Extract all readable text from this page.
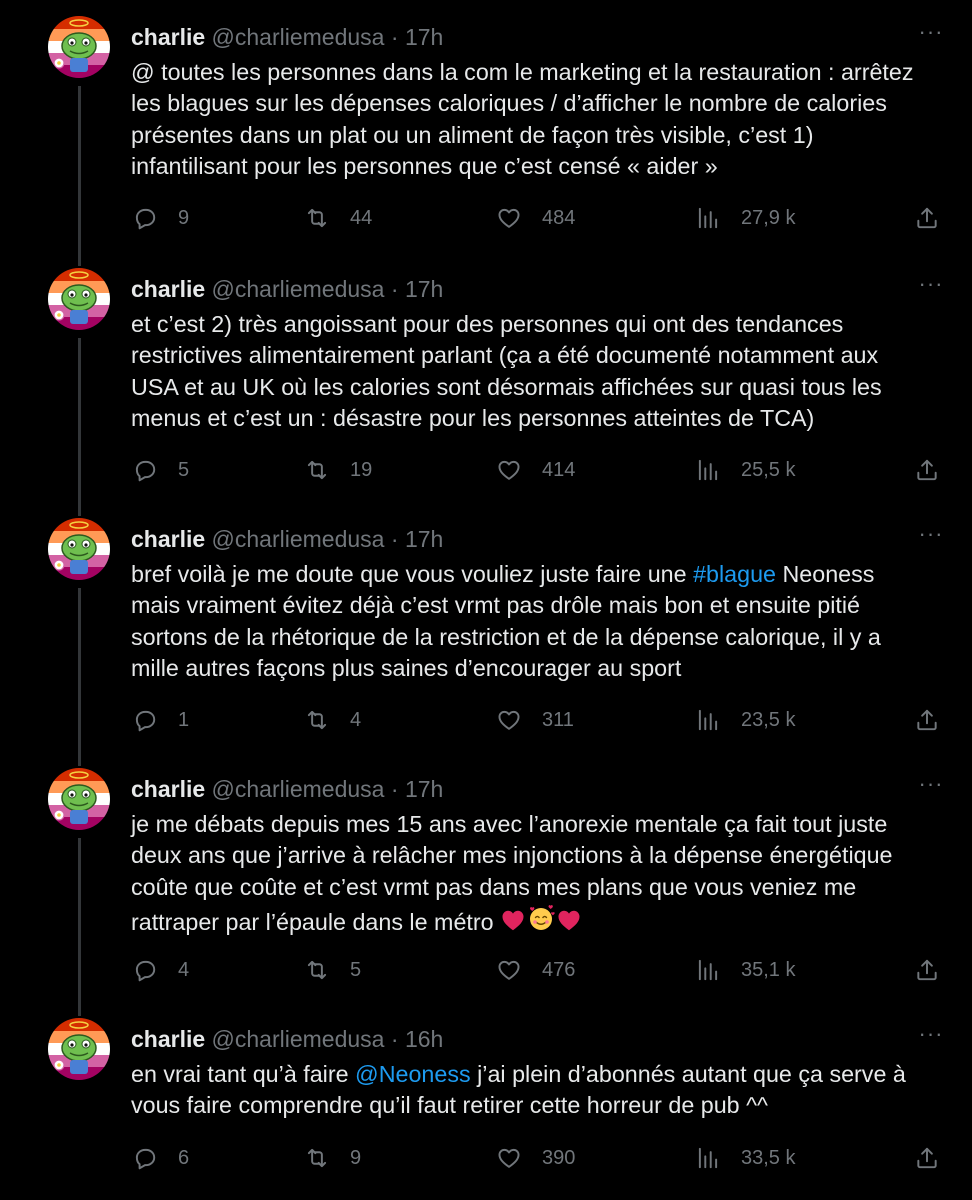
charlie @charliemedusa · 17h	···
@ toutes les personnes dans la com le marketing et la restauration : arrêtez
les blagues sur les dépenses caloriques / d’afficher le nombre de calories
présentes dans un plat ou un aliment de façon très visible, c’est 1)
infantilisant pour les personnes que c’est censé « aider »
9	44	484	27,9 k
charlie @charliemedusa · 17h	···
et c’est 2) très angoissant pour des personnes qui ont des tendances
restrictives alimentairement parlant (ça a été documenté notamment aux
USA et au UK où les calories sont désormais affichées sur quasi tous les
menus et c’est un : désastre pour les personnes atteintes de TCA)
5	19	414	25,5 k
charlie @charliemedusa · 17h	···
bref voilà je me doute que vous vouliez juste faire une #blague Neoness
mais vraiment évitez déjà c’est vrmt pas drôle mais bon et ensuite pitié
sortons de la rhétorique de la restriction et de la dépense calorique, il y a
mille autres façons plus saines d’encourager au sport
1	4	311	23,5 k
charlie @charliemedusa · 17h	···
je me débats depuis mes 15 ans avec l’anorexie mentale ça fait tout juste
deux ans que j’arrive à relâcher mes injonctions à la dépense énergétique
coûte que coûte et c’est vrmt pas dans mes plans que vous veniez me
rattraper par l’épaule dans le métro
4	5	476	35,1 k
charlie @charliemedusa · 16h	···
en vrai tant qu’à faire @Neoness j’ai plein d’abonnés autant que ça serve à
vous faire comprendre qu’il faut retirer cette horreur de pub ^^
6	9	390	33,5 k
